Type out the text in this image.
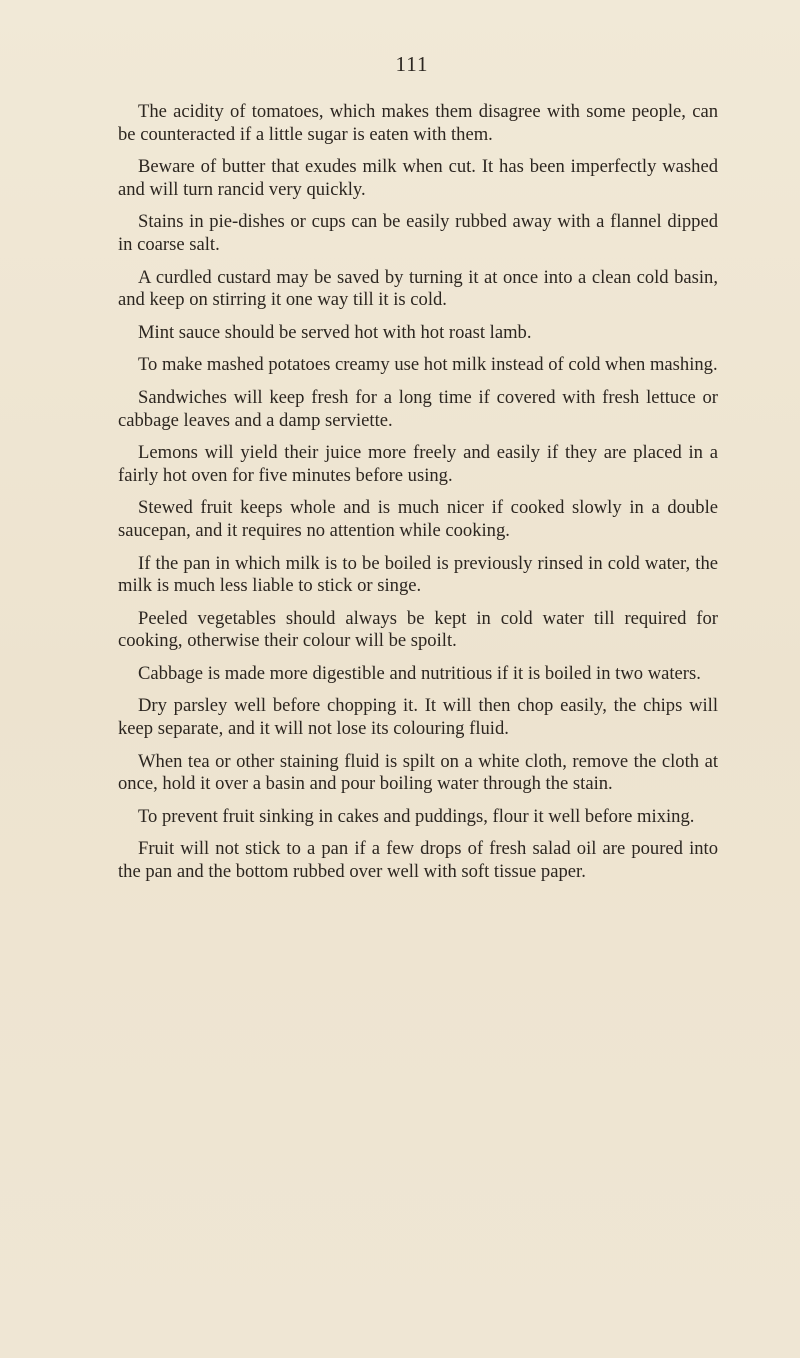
111

The acidity of tomatoes, which makes them disagree with some people, can be counteracted if a little sugar is eaten with them.

Beware of butter that exudes milk when cut. It has been imperfectly washed and will turn rancid very quickly.

Stains in pie-dishes or cups can be easily rubbed away with a flannel dipped in coarse salt.

A curdled custard may be saved by turning it at once into a clean cold basin, and keep on stirring it one way till it is cold.

Mint sauce should be served hot with hot roast lamb.

To make mashed potatoes creamy use hot milk instead of cold when mashing.

Sandwiches will keep fresh for a long time if covered with fresh lettuce or cabbage leaves and a damp serviette.

Lemons will yield their juice more freely and easily if they are placed in a fairly hot oven for five minutes before using.

Stewed fruit keeps whole and is much nicer if cooked slowly in a double saucepan, and it requires no attention while cooking.

If the pan in which milk is to be boiled is previously rinsed in cold water, the milk is much less liable to stick or singe.

Peeled vegetables should always be kept in cold water till required for cooking, otherwise their colour will be spoilt.

Cabbage is made more digestible and nutritious if it is boiled in two waters.

Dry parsley well before chopping it. It will then chop easily, the chips will keep separate, and it will not lose its colouring fluid.

When tea or other staining fluid is spilt on a white cloth, remove the cloth at once, hold it over a basin and pour boiling water through the stain.

To prevent fruit sinking in cakes and puddings, flour it well before mixing.

Fruit will not stick to a pan if a few drops of fresh salad oil are poured into the pan and the bottom rubbed over well with soft tissue paper.
